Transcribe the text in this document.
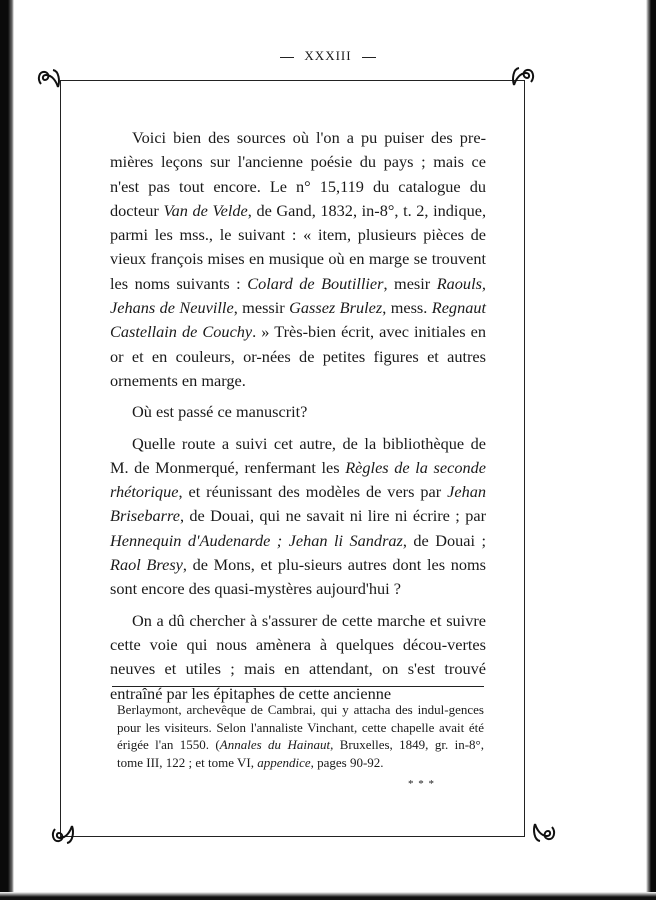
XXXIII

Voici bien des sources où l'on a pu puiser des pre-mières leçons sur l'ancienne poésie du pays ; mais ce n'est pas tout encore. Le n° 15,119 du catalogue du docteur Van de Velde, de Gand, 1832, in-8°, t. 2, indique, parmi les mss., le suivant : « item, plusieurs pièces de vieux françois mises en musique où en marge se trouvent les noms suivants : Colard de Boutillier, mesir Raouls, Jehans de Neuville, messir Gassez Brulez, mess. Regnaut Castellain de Couchy. » Très-bien écrit, avec initiales en or et en couleurs, or-nées de petites figures et autres ornements en marge.

Où est passé ce manuscrit?

Quelle route a suivi cet autre, de la bibliothèque de M. de Monmerqué, renfermant les Règles de la seconde rhétorique, et réunissant des modèles de vers par Jehan Brisebarre, de Douai, qui ne savait ni lire ni écrire ; par Hennequin d'Audenarde ; Jehan li Sandraz, de Douai ; Raol Bresy, de Mons, et plu-sieurs autres dont les noms sont encore des quasi-mystères aujourd'hui ?

On a dû chercher à s'assurer de cette marche et suivre cette voie qui nous amènera à quelques décou-vertes neuves et utiles ; mais en attendant, on s'est trouvé entraîné par les épitaphes de cette ancienne

Berlaymont, archevêque de Cambrai, qui y attacha des indul-gences pour les visiteurs. Selon l'annaliste Vinchant, cette chapelle avait été érigée l'an 1550. (Annales du Hainaut, Bruxelles, 1849, gr. in-8°, tome III, 122 ; et tome VI, appendice, pages 90-92.
* * *
